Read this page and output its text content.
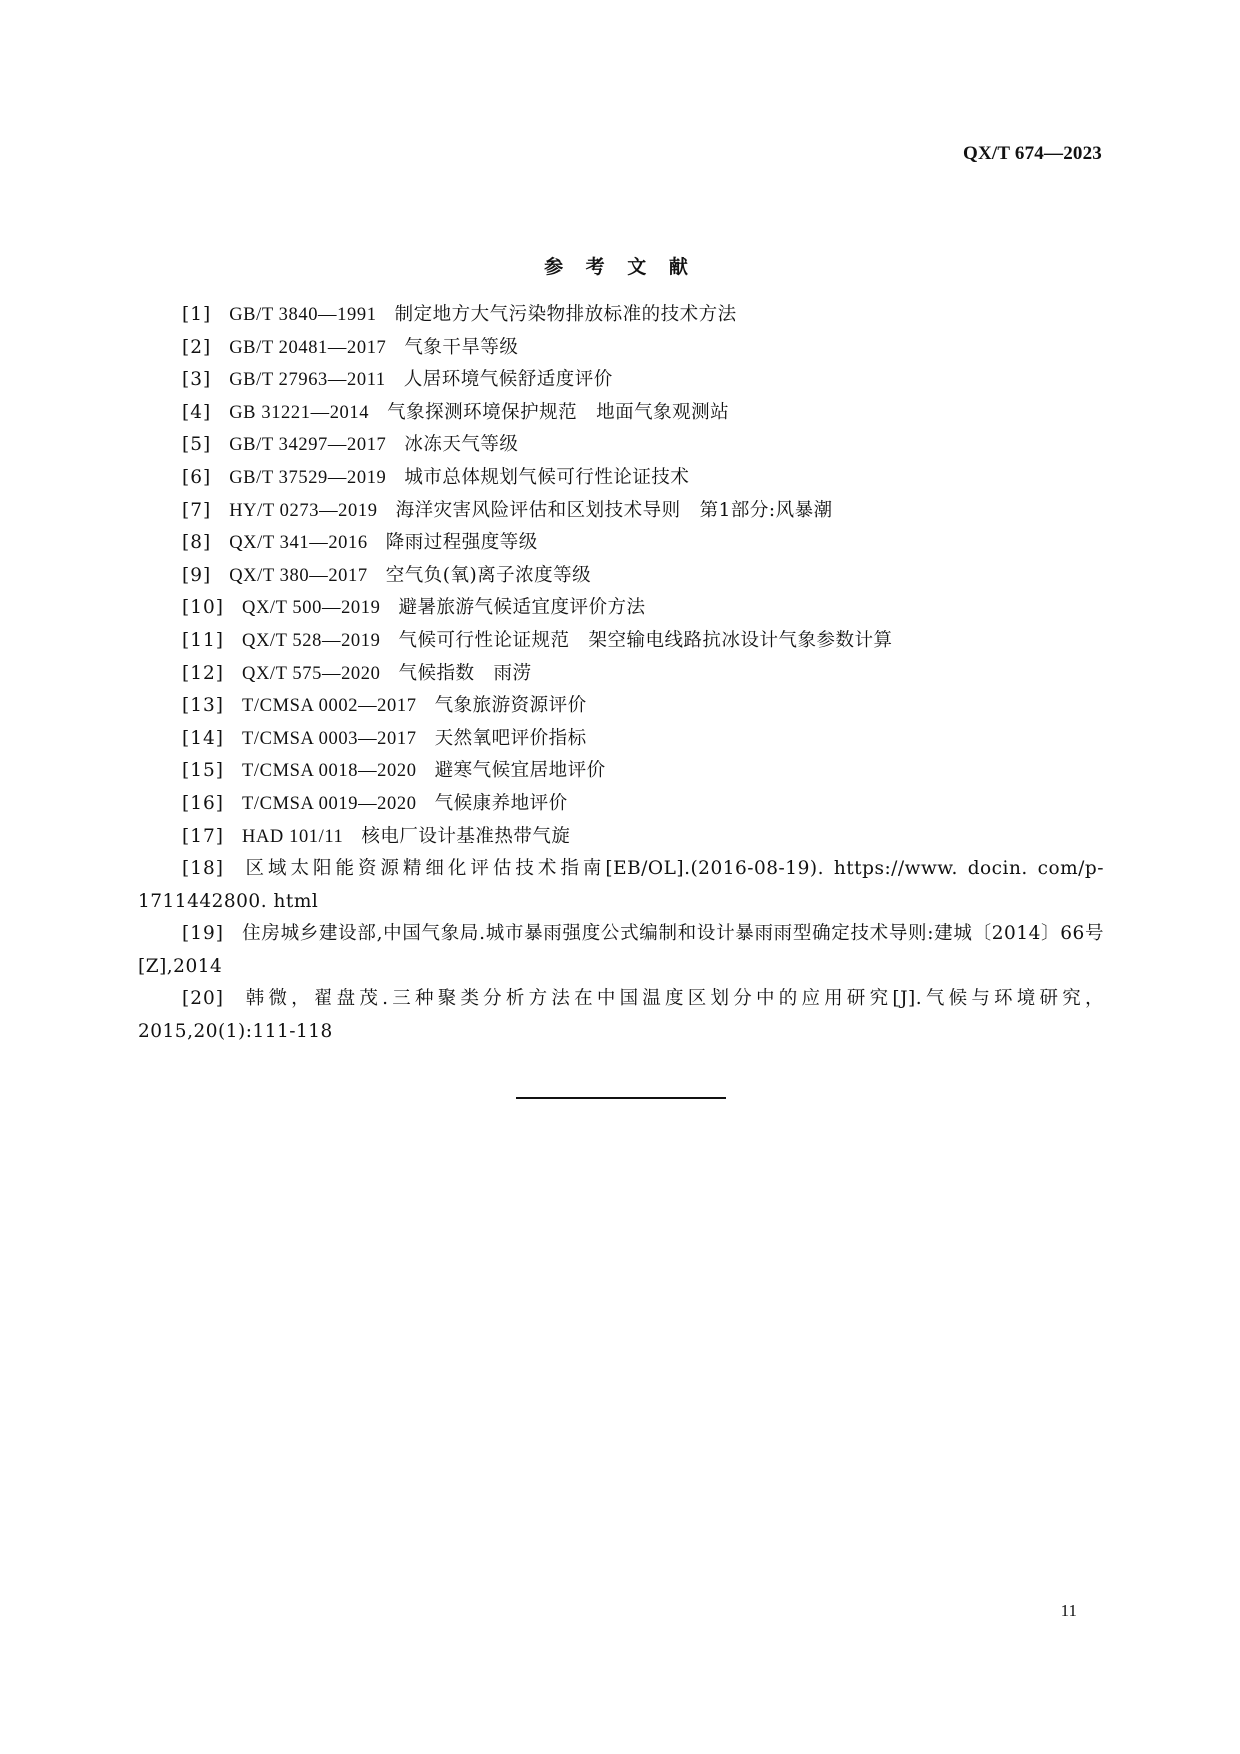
QX/T 674—2023
参 考 文 献
[1] GB/T 3840—1991 制定地方大气污染物排放标准的技术方法
[2] GB/T 20481—2017 气象干旱等级
[3] GB/T 27963—2011 人居环境气候舒适度评价
[4] GB 31221—2014 气象探测环境保护规范　地面气象观测站
[5] GB/T 34297—2017 冰冻天气等级
[6] GB/T 37529—2019 城市总体规划气候可行性论证技术
[7] HY/T 0273—2019 海洋灾害风险评估和区划技术导则　第1部分:风暴潮
[8] QX/T 341—2016 降雨过程强度等级
[9] QX/T 380—2017 空气负(氧)离子浓度等级
[10] QX/T 500—2019 避暑旅游气候适宜度评价方法
[11] QX/T 528—2019 气候可行性论证规范　架空输电线路抗冰设计气象参数计算
[12] QX/T 575—2020 气候指数　雨涝
[13] T/CMSA 0002—2017 气象旅游资源评价
[14] T/CMSA 0003—2017 天然氧吧评价指标
[15] T/CMSA 0018—2020 避寒气候宜居地评价
[16] T/CMSA 0019—2020 气候康养地评价
[17] HAD 101/11 核电厂设计基准热带气旋
[18] 区域太阳能资源精细化评估技术指南[EB/OL].(2016-08-19). https://www. docin. com/p-1711442800. html
[19] 住房城乡建设部,中国气象局.城市暴雨强度公式编制和设计暴雨雨型确定技术导则:建城〔2014〕66号[Z],2014
[20] 韩微，翟盘茂.三种聚类分析方法在中国温度区划分中的应用研究[J].气候与环境研究，2015,20(1):111-118
11
